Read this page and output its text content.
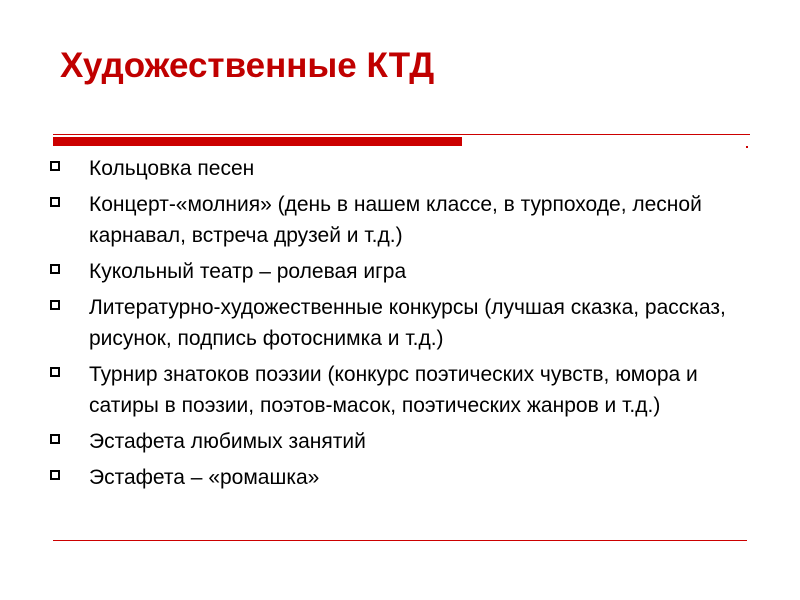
Художественные КТД
Кольцовка песен
Концерт-«молния» (день в нашем классе, в турпоходе, лесной карнавал, встреча друзей и т.д.)
Кукольный театр – ролевая игра
Литературно-художественные конкурсы (лучшая сказка, рассказ, рисунок, подпись фотоснимка и т.д.)
Турнир знатоков поэзии (конкурс поэтических чувств, юмора и сатиры в поэзии, поэтов-масок, поэтических жанров и т.д.)
Эстафета любимых занятий
Эстафета – «ромашка»
